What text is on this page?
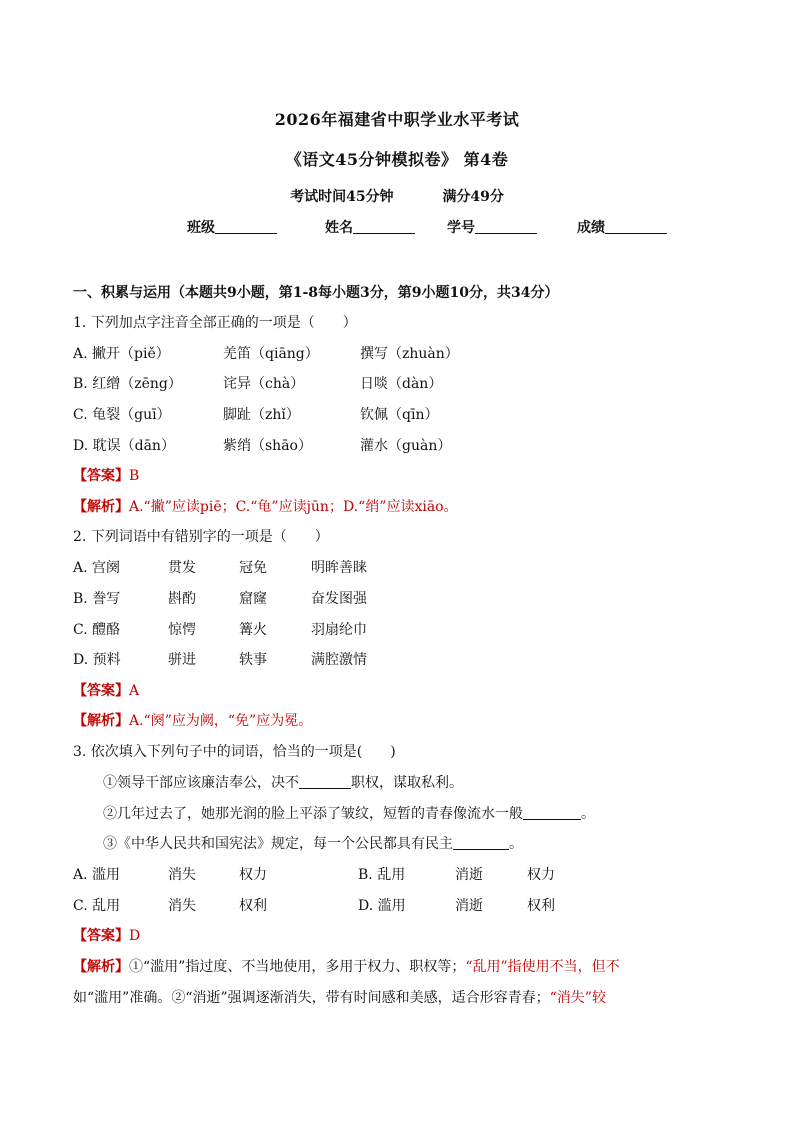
2026年福建省中职学业水平考试
《语文45分钟模拟卷》 第4卷
考试时间45分钟	满分49分
班级	姓名	学号	成绩
一、积累与运用（本题共9小题，第1-8每小题3分，第9小题10分，共34分）
1. 下列加点字注音全部正确的一项是（　　）
A. 撇开（piě）	羌笛（qiāng）	撰写（zhuàn）
B. 红缯（zēng）	诧异（chà）	日啖（dàn）
C. 龟裂（guī）	脚趾（zhǐ）	钦佩（qīn）
D. 耽误（dān）	紫绡（shāo）	灌水（guàn）
【答案】B
【解析】A.“撇”应读piē；C.“龟”应读jūn；D.“绡”应读xiāo。
2. 下列词语中有错别字的一项是（　　）
A. 宫阕	贯发	冠免	明眸善睐
B. 誊写	斟酌	窟窿	奋发图强
C. 醴酪	惊愕	篝火	羽扇纶巾
D. 预料	骈进	轶事	满腔激情
【答案】A
【解析】A.“阕”应为阙，“免”应为冕。
3. 依次填入下列句子中的词语，恰当的一项是(　　)
①领导干部应该廉洁奉公，决不	职权，谋取私利。
②几年过去了，她那光润的脸上平添了皱纹，短暂的青春像流水一般	。
③《中华人民共和国宪法》规定，每一个公民都具有民主	。
A. 滥用	消失	权力	B. 乱用	消逝	权力
C. 乱用	消失	权利	D. 滥用	消逝	权利
【答案】D
【解析】①“滥用”指过度、不当地使用，多用于权力、职权等；“乱用”指使用不当，但不
如“滥用”准确。②“消逝”强调逐渐消失，带有时间感和美感，适合形容青春；“消失”较
